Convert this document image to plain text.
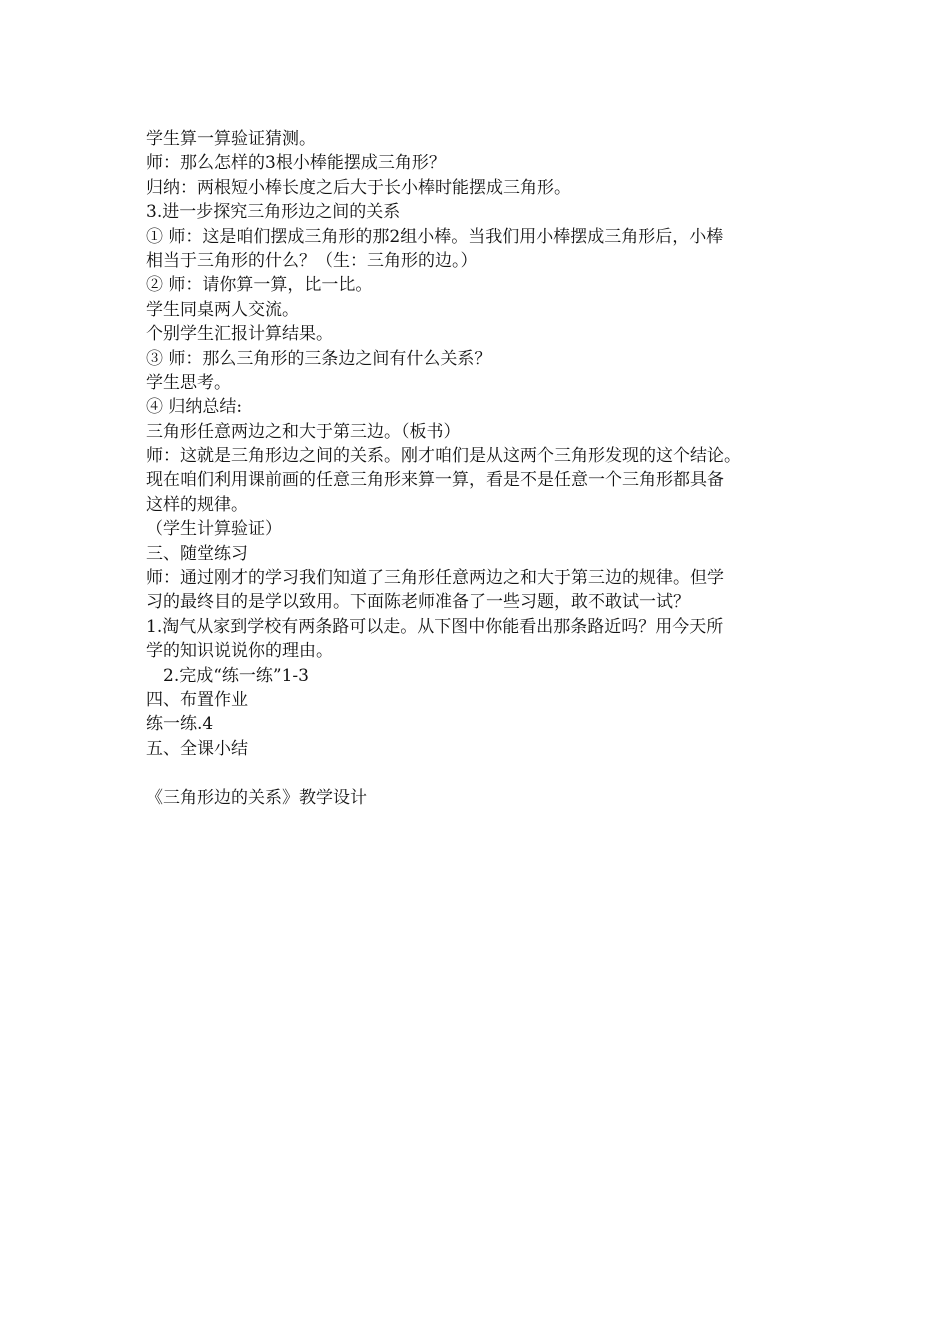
学生算一算验证猜测。
师：那么怎样的3根小棒能摆成三角形？
归纳：两根短小棒长度之后大于长小棒时能摆成三角形。
3.进一步探究三角形边之间的关系
① 师：这是咱们摆成三角形的那2组小棒。当我们用小棒摆成三角形后，小棒
相当于三角形的什么？（生：三角形的边。）
② 师：请你算一算，比一比。
学生同桌两人交流。
个别学生汇报计算结果。
③ 师：那么三角形的三条边之间有什么关系？
学生思考。
④ 归纳总结:
三角形任意两边之和大于第三边。（板书）
师：这就是三角形边之间的关系。刚才咱们是从这两个三角形发现的这个结论。
现在咱们利用课前画的任意三角形来算一算，看是不是任意一个三角形都具备
这样的规律。
（学生计算验证）
三、随堂练习
师：通过刚才的学习我们知道了三角形任意两边之和大于第三边的规律。但学
习的最终目的是学以致用。下面陈老师准备了一些习题，敢不敢试一试？
1.淘气从家到学校有两条路可以走。从下图中你能看出那条路近吗？用今天所
学的知识说说你的理由。
2.完成“练一练”1-3
四、布置作业
练一练.4
五、全课小结
《三角形边的关系》教学设计
